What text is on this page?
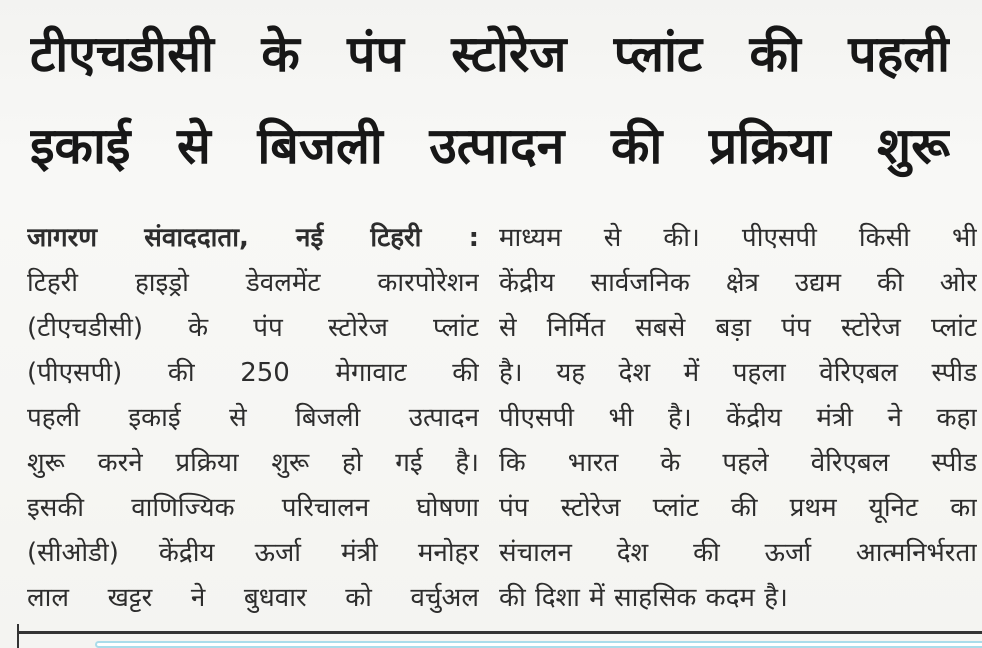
टीएचडीसी के पंप स्टोरेज प्लांट की पहली
इकाई से बिजली उत्पादन की प्रक्रिया शुरू
जागरण संवाददाता, नई टिहरी :
टिहरी हाइड्रो डेवलमेंट कारपोरेशन
(टीएचडीसी) के पंप स्टोरेज प्लांट
(पीएसपी) की 250 मेगावाट की
पहली इकाई से बिजली उत्पादन
शुरू करने प्रक्रिया शुरू हो गई है।
इसकी वाणिज्यिक परिचालन घोषणा
(सीओडी) केंद्रीय ऊर्जा मंत्री मनोहर
लाल खट्टर ने बुधवार को वर्चुअल
माध्यम से की। पीएसपी किसी भी
केंद्रीय सार्वजनिक क्षेत्र उद्यम की ओर
से निर्मित सबसे बड़ा पंप स्टोरेज प्लांट
है। यह देश में पहला वेरिएबल स्पीड
पीएसपी भी है। केंद्रीय मंत्री ने कहा
कि भारत के पहले वेरिएबल स्पीड
पंप स्टोरेज प्लांट की प्रथम यूनिट का
संचालन देश की ऊर्जा आत्मनिर्भरता
की दिशा में साहसिक कदम है।
